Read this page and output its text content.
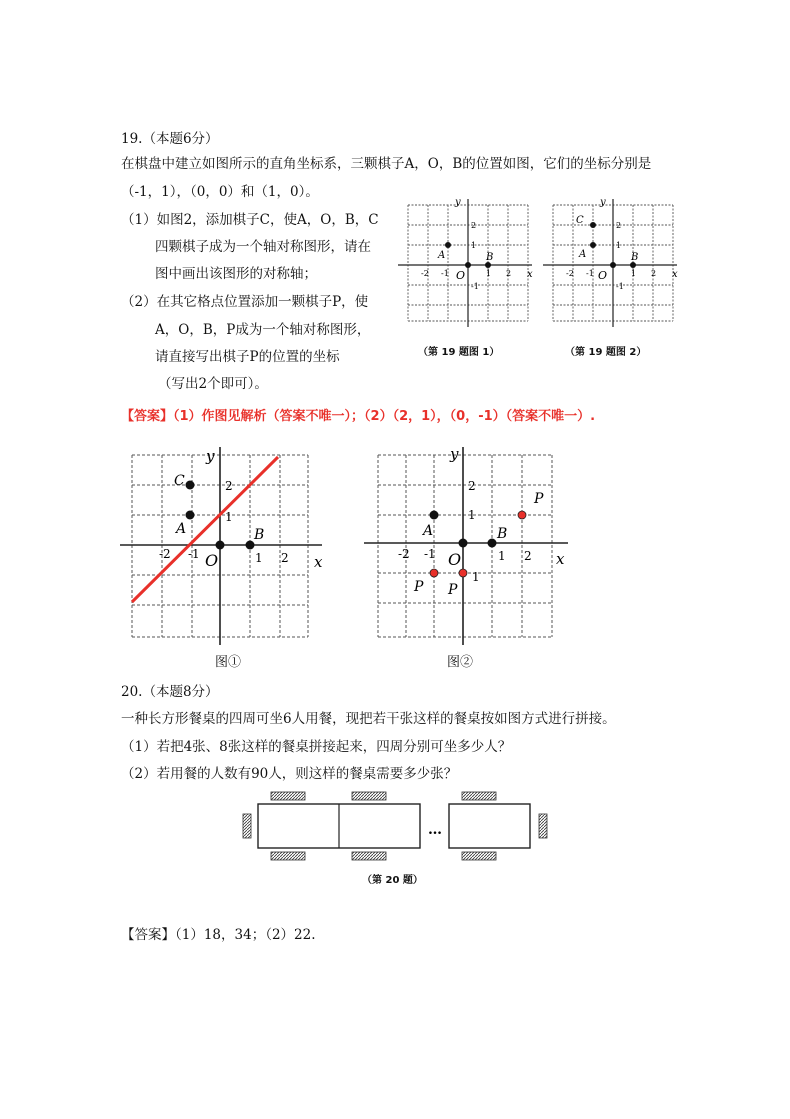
19.（本题6分）
在棋盘中建立如图所示的直角坐标系，三颗棋子A，O，B的位置如图，它们的坐标分别是
（-1，1），（0，0）和（1，0）。
（1）如图2，添加棋子C，使A，O，B，C
四颗棋子成为一个轴对称图形，请在
图中画出该图形的对称轴；
（2）在其它格点位置添加一颗棋子P，使
A，O，B，P成为一个轴对称图形，
请直接写出棋子P的位置的坐标
（写出2个即可）。
y
x
O
A	B
-2 -1	1 2
2
1
-1
（第 19 题图 1）
y
x
O
C
A	B
-2 -1	1 2
2
1
-1
（第 19 题图 2）
【答案】（1）作图见解析（答案不唯一）；（2）（2，1），（0，-1）（答案不唯一）.
y
x
O
C
A	B
-2 -1	1 2
2
1
图①
y
x
O
A	B
P
P P
-2 -1	1 2
2
1
1
图②
20.（本题8分）
一种长方形餐桌的四周可坐6人用餐，现把若干张这样的餐桌按如图方式进行拼接。
（1）若把4张、8张这样的餐桌拼接起来，四周分别可坐多少人？
（2）若用餐的人数有90人，则这样的餐桌需要多少张？
…
（第 20 题）
【答案】（1）18，34；（2）22.
